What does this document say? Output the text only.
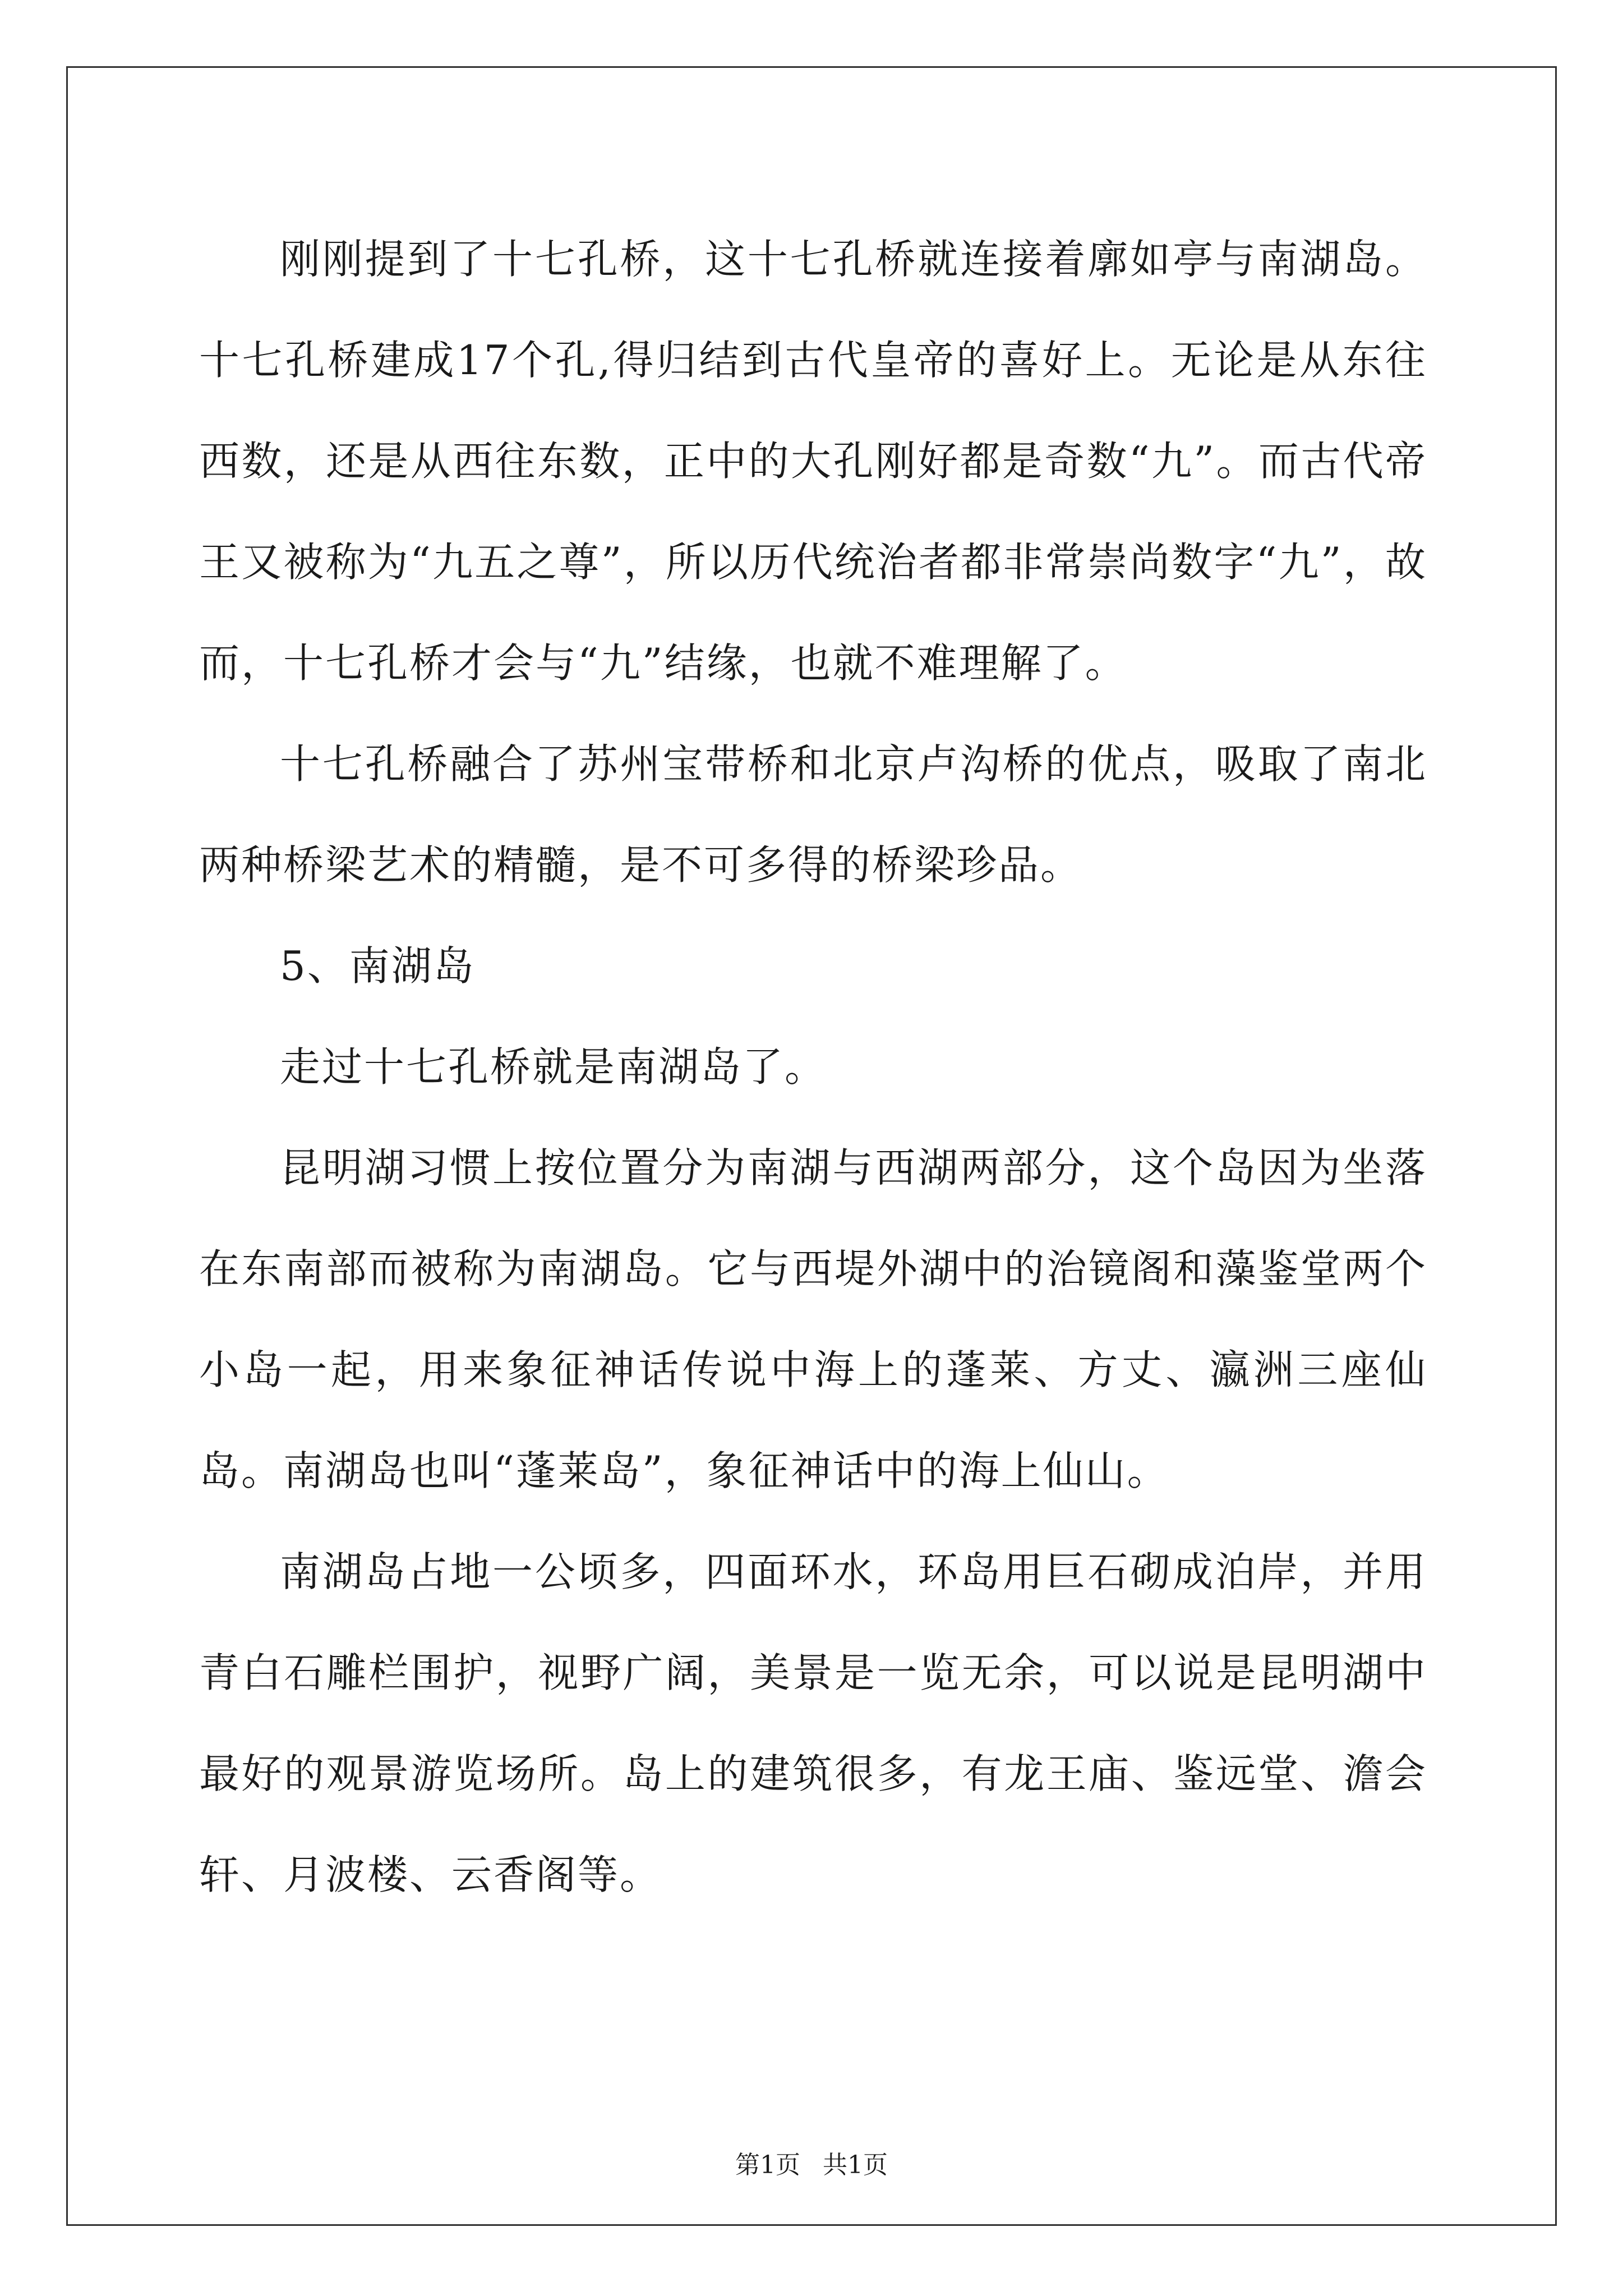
刚刚提到了十七孔桥，这十七孔桥就连接着廓如亭与南湖岛。十七孔桥建成17个孔,得归结到古代皇帝的喜好上。无论是从东往西数，还是从西往东数，正中的大孔刚好都是奇数“九”。而古代帝王又被称为“九五之尊”，所以历代统治者都非常崇尚数字“九”，故而，十七孔桥才会与“九”结缘，也就不难理解了。

十七孔桥融合了苏州宝带桥和北京卢沟桥的优点，吸取了南北两种桥梁艺术的精髓，是不可多得的桥梁珍品。

5、南湖岛

走过十七孔桥就是南湖岛了。

昆明湖习惯上按位置分为南湖与西湖两部分，这个岛因为坐落在东南部而被称为南湖岛。它与西堤外湖中的治镜阁和藻鉴堂两个小岛一起，用来象征神话传说中海上的蓬莱、方丈、瀛洲三座仙岛。南湖岛也叫“蓬莱岛”，象征神话中的海上仙山。

南湖岛占地一公顷多，四面环水，环岛用巨石砌成泊岸，并用青白石雕栏围护，视野广阔，美景是一览无余，可以说是昆明湖中最好的观景游览场所。岛上的建筑很多，有龙王庙、鉴远堂、澹会轩、月波楼、云香阁等。

第1页 共1页
